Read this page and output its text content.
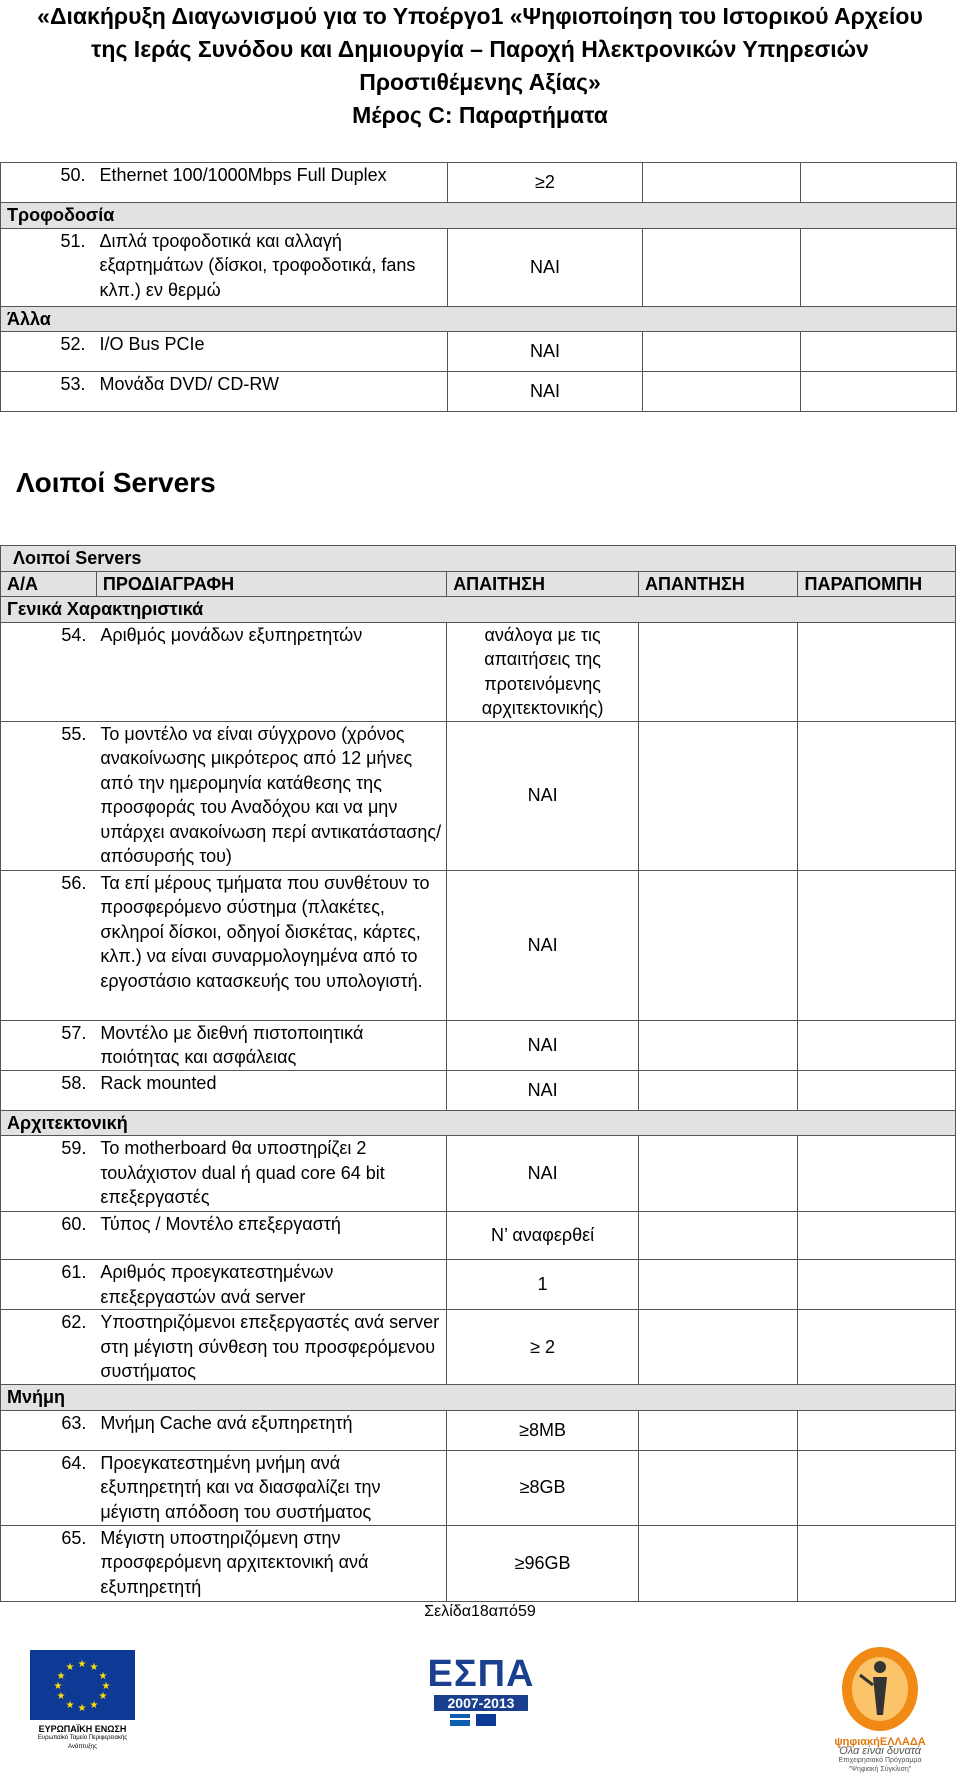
«Διακήρυξη Διαγωνισμού για το Υποέργο1 «Ψηφιοποίηση του Ιστορικού Αρχείου
της Ιεράς Συνόδου και Δημιουργία – Παροχή Ηλεκτρονικών Υπηρεσιών
Προστιθέμενης Αξίας»
Μέρος C: Παραρτήματα
50.	Ethernet 100/1000Mbps Full Duplex	≥2		
Τροφοδοσία				
51.	Διπλά τροφοδοτικά και αλλαγή εξαρτημάτων (δίσκοι, τροφοδοτικά, fans κλπ.) εν θερμώ	ΝΑΙ		
Άλλα				
52.	I/O Bus PCIe	ΝΑΙ		
53.	Μονάδα DVD/ CD-RW	ΝΑΙ		
Λοιποί Servers
Λοιποί Servers				
Α/Α	ΠΡΟΔΙΑΓΡΑΦΗ	ΑΠΑΙΤΗΣΗ	ΑΠΑΝΤΗΣΗ	ΠΑΡΑΠΟΜΠΗ
Γενικά Χαρακτηριστικά				
54.	Αριθμός μονάδων εξυπηρετητών	ανάλογα με τις απαιτήσεις της προτεινόμενης αρχιτεκτονικής)		
55.	Το μοντέλο να είναι σύγχρονο (χρόνος ανακοίνωσης μικρότερος από 12 μήνες από την ημερομηνία κατάθεσης της προσφοράς του Αναδόχου και να μην υπάρχει ανακοίνωση περί αντικατάστασης/ απόσυρσής του)	ΝΑΙ		
56.	Τα επί μέρους τμήματα που συνθέτουν το προσφερόμενο σύστημα (πλακέτες, σκληροί δίσκοι, οδηγοί δισκέτας, κάρτες, κλπ.) να είναι συναρμολογημένα από το εργοστάσιο κατασκευής του υπολογιστή.	ΝΑΙ		
57.	Μοντέλο με διεθνή πιστοποιητικά ποιότητας και ασφάλειας	ΝΑΙ		
58.	Rack mounted	ΝΑΙ		
Αρχιτεκτονική				
59.	Το motherboard θα υποστηρίζει 2 τουλάχιστον dual ή quad core 64 bit επεξεργαστές	ΝΑΙ		
60.	Τύπος / Μοντέλο επεξεργαστή	Ν’ αναφερθεί		
61.	Αριθμός προεγκατεστημένων επεξεργαστών ανά server	1		
62.	Υποστηριζόμενοι επεξεργαστές ανά server στη μέγιστη σύνθεση του προσφερόμενου συστήματος	≥ 2		
Μνήμη				
63.	Μνήμη Cache ανά εξυπηρετητή	≥8MB		
64.	Προεγκατεστημένη μνήμη ανά εξυπηρετητή και να διασφαλίζει την μέγιστη απόδοση του συστήματος	≥8GB		
65.	Μέγιστη υποστηριζόμενη στην προσφερόμενη αρχιτεκτονική ανά εξυπηρετητή	≥96GB		
Σελίδα18από59
★ ★
★
★
★
★
★
★
★
★
★
★
ΕΥΡΩΠΑΪΚΗ ΕΝΩΣΗ
Ευρωπαϊκό Ταμείο Περιφερειακής Ανάπτυξης
ΕΣΠΑ
2007-2013
ψηφιακήΕΛΛΑΔΑ
Όλα είναι δυνατά
Επιχειρησιακό Πρόγραμμα "Ψηφιακή Σύγκλιση"
